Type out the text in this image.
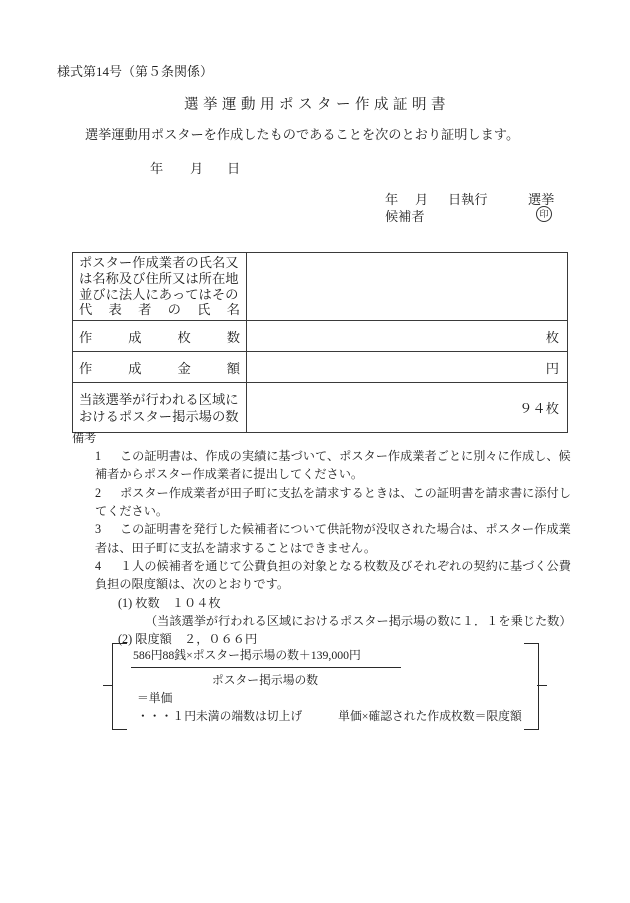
様式第14号（第５条関係）
選挙運動用ポスター作成証明書
選挙運動用ポスターを作成したものであることを次のとおり証明します。
年 月 日
年 月 日執行	選挙
候補者	印
ポスター作成業者の氏名又
は名称及び住所又は所在地
並びに法人にあってはその
代表者の氏名	

作成枚数	枚

作成金額	円

当該選挙が行われる区域に
おけるポスター掲示場の数	９４枚
備考
1 この証明書は、作成の実績に基づいて、ポスター作成業者ごとに別々に作成し、候
補者からポスター作成業者に提出してください。
2 ポスター作成業者が田子町に支払を請求するときは、この証明書を請求書に添付し
てください。
3 この証明書を発行した候補者について供託物が没収された場合は、ポスター作成業
者は、田子町に支払を請求することはできません。
4 １人の候補者を通じて公費負担の対象となる枚数及びそれぞれの契約に基づく公費
負担の限度額は、次のとおりです。
(1) 枚数　１０４枚
（当該選挙が行われる区域におけるポスター掲示場の数に１．１を乗じた数）
(2) 限度額　２，０６６円
586円88銭×ポスター掲示場の数＋139,000円
ポスター掲示場の数
＝単価
・・・１円未満の端数は切上げ	単価×確認された作成枚数＝限度額
